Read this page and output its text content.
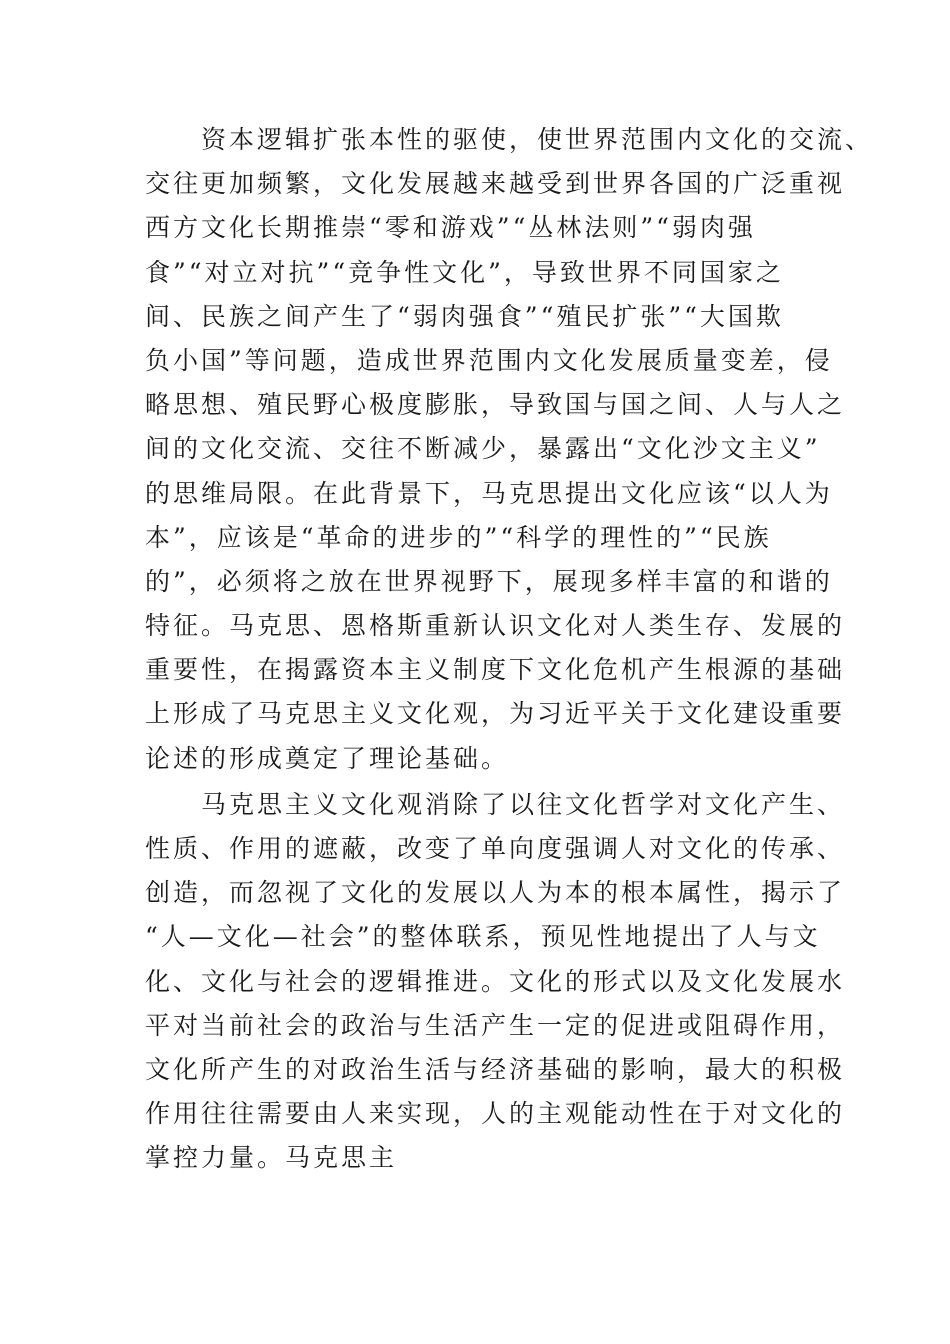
　　资本逻辑扩张本性的驱使，使世界范围内文化的交流、
交往更加频繁，文化发展越来越受到世界各国的广泛重视
西方文化长期推崇“零和游戏”“丛林法则”“弱肉强
食”“对立对抗”“竞争性文化”，导致世界不同国家之
间、民族之间产生了“弱肉强食”“殖民扩张”“大国欺
负小国”等问题，造成世界范围内文化发展质量变差，侵
略思想、殖民野心极度膨胀，导致国与国之间、人与人之
间的文化交流、交往不断减少，暴露出“文化沙文主义”
的思维局限。在此背景下，马克思提出文化应该“以人为
本”，应该是“革命的进步的”“科学的理性的”“民族
的”，必须将之放在世界视野下，展现多样丰富的和谐的
特征。马克思、恩格斯重新认识文化对人类生存、发展的
重要性，在揭露资本主义制度下文化危机产生根源的基础
上形成了马克思主义文化观，为习近平关于文化建设重要
论述的形成奠定了理论基础。
　　马克思主义文化观消除了以往文化哲学对文化产生、
性质、作用的遮蔽，改变了单向度强调人对文化的传承、
创造，而忽视了文化的发展以人为本的根本属性，揭示了
“人—文化—社会”的整体联系，预见性地提出了人与文
化、文化与社会的逻辑推进。文化的形式以及文化发展水
平对当前社会的政治与生活产生一定的促进或阻碍作用，
文化所产生的对政治生活与经济基础的影响，最大的积极
作用往往需要由人来实现，人的主观能动性在于对文化的
掌控力量。马克思主
